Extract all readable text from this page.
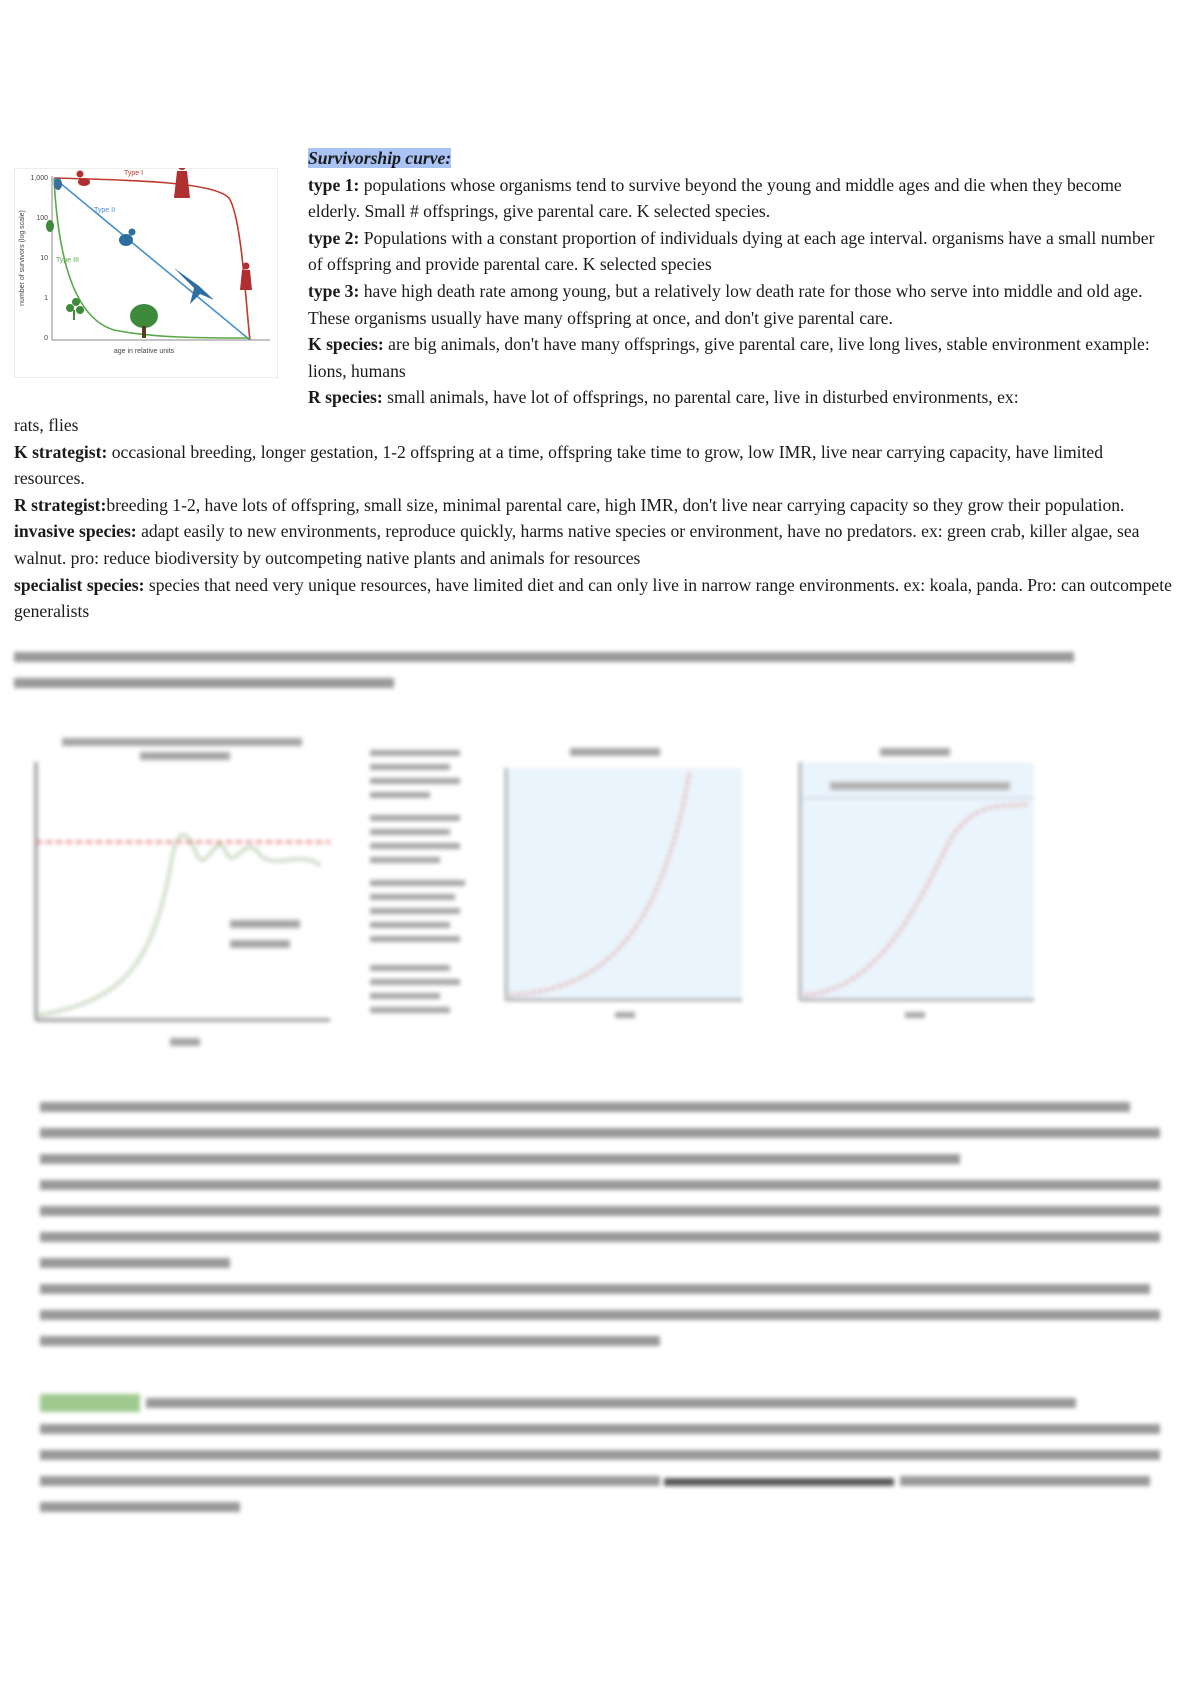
1,000
100
10
1
0
number of survivors (log scale)
age in relative units
Type I
Type II
Type III

Survivorship curve:

type 1: populations whose organisms tend to survive beyond the young and middle ages and die when they become elderly. Small # offsprings, give parental care. K selected species.

type 2: Populations with a constant proportion of individuals dying at each age interval. organisms have a small number of offspring and provide parental care. K selected species

type 3: have high death rate among young, but a relatively low death rate for those who serve into middle and old age. These organisms usually have many offspring at once, and don't give parental care.

K species: are big animals, don't have many offsprings, give parental care, live long lives, stable environment example: lions, humans

R species: small animals, have lot of offsprings, no parental care, live in disturbed environments, ex:

rats, flies

K strategist: occasional breeding, longer gestation, 1-2 offspring at a time, offspring take time to grow, low IMR, live near carrying capacity, have limited resources.

R strategist:breeding 1-2, have lots of offspring, small size, minimal parental care, high IMR, don't live near carrying capacity so they grow their population.

invasive species: adapt easily to new environments, reproduce quickly, harms native species or environment, have no predators. ex: green crab, killer algae, sea walnut. pro: reduce biodiversity by outcompeting native plants and animals for resources

specialist species: species that need very unique resources, have limited diet and can only live in narrow range environments. ex: koala, panda. Pro: can outcompete generalists
